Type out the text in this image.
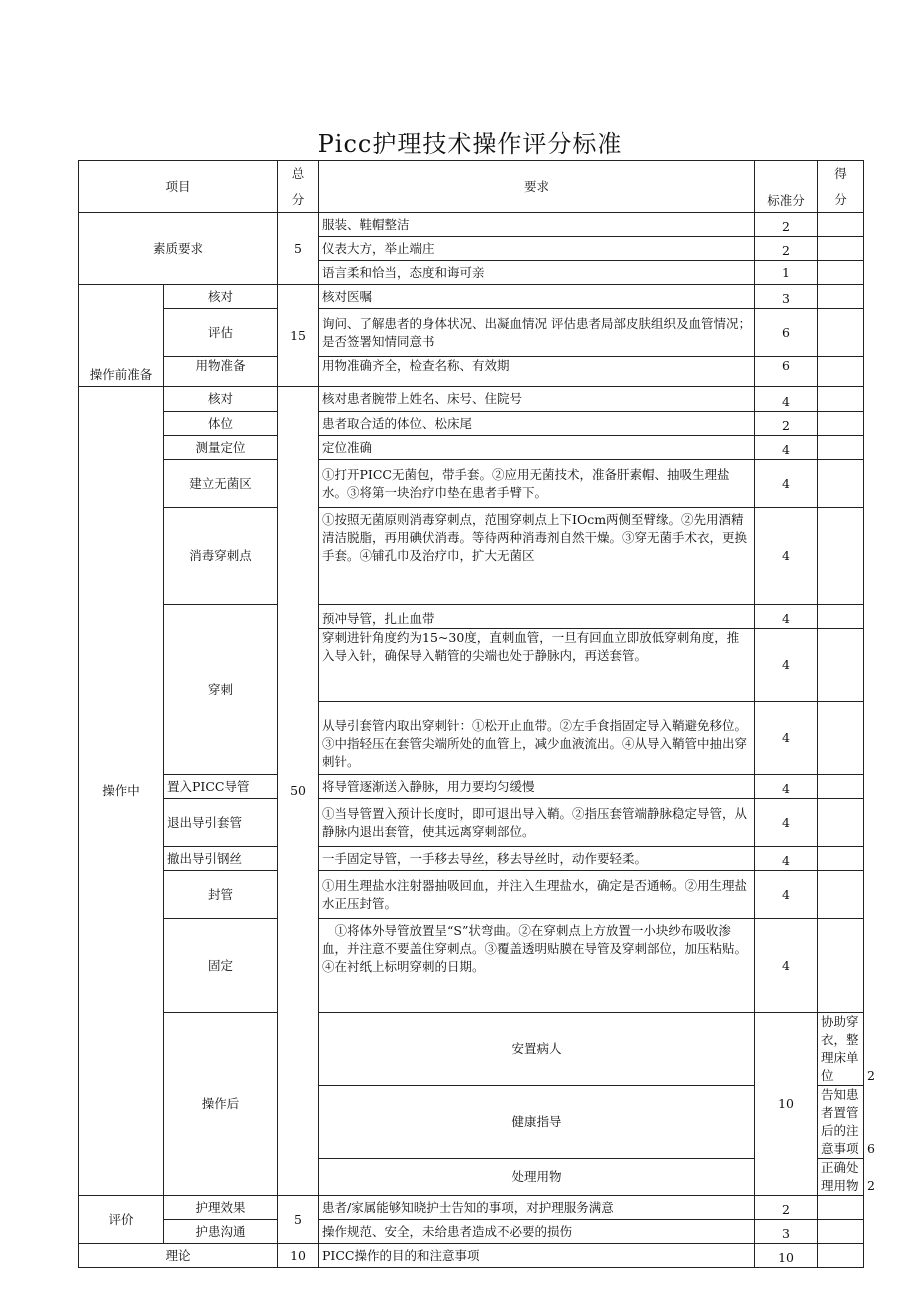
Picc护理技术操作评分标准
项目		总
分	要求	标准分	得
分	

素质要求		5	服装、鞋帽整洁	2		
			仪表大方，举止端庄	2		
			语言柔和恰当，态度和诲可亲	1		
操作前准备	核对	15	核对医嘱	3		
	评估		询问、了解患者的身体状况、出凝血情况 评估患者局部皮肤组织及血管情况；是否签署知情同意书	6		
	用物准备		用物准确齐全，检查名称、有效期	6		
操作中	核对	50	核对患者腕带上姓名、床号、住院号	4		
	体位		患者取合适的体位、松床尾	2		
	测量定位		定位准确	4		
	建立无菌区		①打开PICC无菌包，带手套。②应用无菌技术，准备肝素帽、抽吸生理盐水。③将第一块治疗巾垫在患者手臂下。	4		
	消毒穿刺点		①按照无菌原则消毒穿刺点，范围穿刺点上下IOcm两侧至臂缘。②先用酒精清洁脱脂，再用碘伏消毒。等待两种消毒剂自然干燥。③穿无菌手术衣，更换手套。④铺孔巾及治疗巾，扩大无菌区	4		
	穿刺		预冲导管，扎止血带	4		
			穿刺进针角度约为15~30度，直刺血管，一旦有回血立即放低穿刺角度，推入导入针，确保导入鞘管的尖端也处于静脉内，再送套管。	4		
			从导引套管内取出穿刺针：①松开止血带。②左手食指固定导入鞘避免移位。③中指轻压在套管尖端所处的血管上，减少血液流出。④从导入鞘管中抽出穿刺针。	4		
	置入PICC导管		将导管逐渐送入静脉，用力要均匀缓慢	4		
	退出导引套管		①当导管置入预计长度时，即可退出导入鞘。②指压套管端静脉稳定导管，从静脉内退出套管，使其远离穿刺部位。	4		
	撤出导引钢丝		一手固定导管，一手移去导丝，移去导丝时，动作要轻柔。	4		
	封管		①用生理盐水注射器抽吸回血，并注入生理盐水，确定是否通畅。②用生理盐水正压封管。	4		
	固定		①将体外导管放置呈“S”状弯曲。②在穿刺点上方放置一小块纱布吸收渗血，并注意不要盖住穿刺点。③覆盖透明贴膜在导管及穿刺部位，加压粘贴。④在衬纸上标明穿刺的日期。	4		
	操作后		安置病人	10	协助穿衣，整理床单位	2	
			健康指导		告知患者置管后的注意事项	6	
			处理用物		正确处理用物	2	
评价	护理效果	5	患者/家属能够知晓护士告知的事项，对护理服务满意	2		
	护患沟通		操作规范、安全，未给患者造成不必要的损伤	3		
理论		10	PICC操作的目的和注意事项	10		
